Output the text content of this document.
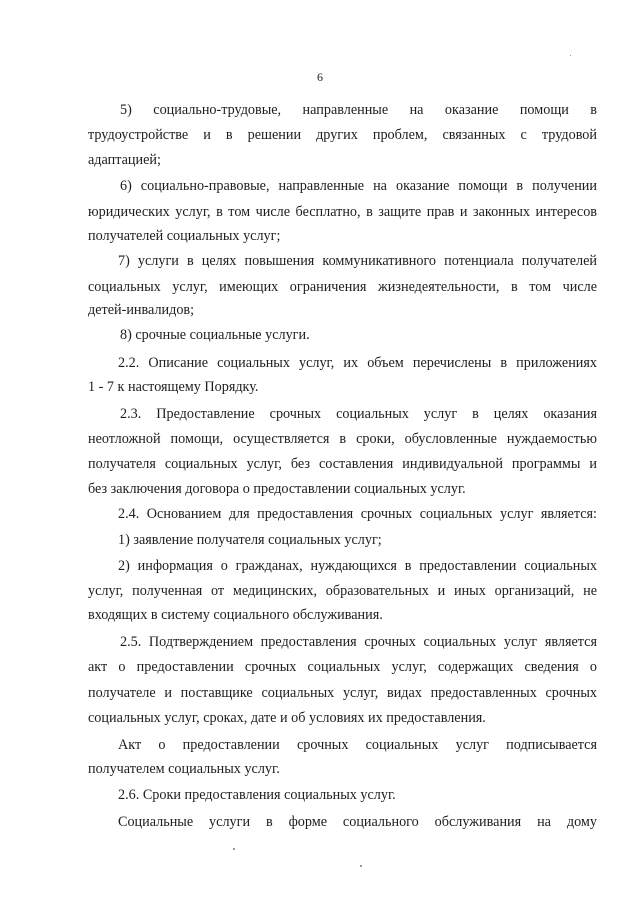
6
5) социально-трудовые, направленные на оказание помощи в
трудоустройстве и в решении других проблем, связанных с трудовой
адаптацией;
6) социально-правовые, направленные на оказание помощи в получении
юридических услуг, в том числе бесплатно, в защите прав и законных интересов
получателей социальных услуг;
7) услуги в целях повышения коммуникативного потенциала получателей
социальных услуг, имеющих ограничения жизнедеятельности, в том числе
детей-инвалидов;
8) срочные социальные услуги.
2.2. Описание социальных услуг, их объем перечислены в приложениях
1 - 7 к настоящему Порядку.
2.3. Предоставление срочных социальных услуг в целях оказания
неотложной помощи, осуществляется в сроки, обусловленные нуждаемостью
получателя социальных услуг, без составления индивидуальной программы и
без заключения договора о предоставлении социальных услуг.
2.4. Основанием для предоставления срочных социальных услуг является:
1) заявление получателя социальных услуг;
2) информация о гражданах, нуждающихся в предоставлении социальных
услуг, полученная от медицинских, образовательных и иных организаций, не
входящих в систему социального обслуживания.
2.5. Подтверждением предоставления срочных социальных услуг является
акт о предоставлении срочных социальных услуг, содержащих сведения о
получателе и поставщике социальных услуг, видах предоставленных срочных
социальных услуг, сроках, дате и об условиях их предоставления.
Акт о предоставлении срочных социальных услуг подписывается
получателем социальных услуг.
2.6. Сроки предоставления социальных услуг.
Социальные услуги в форме социального обслуживания на дому
